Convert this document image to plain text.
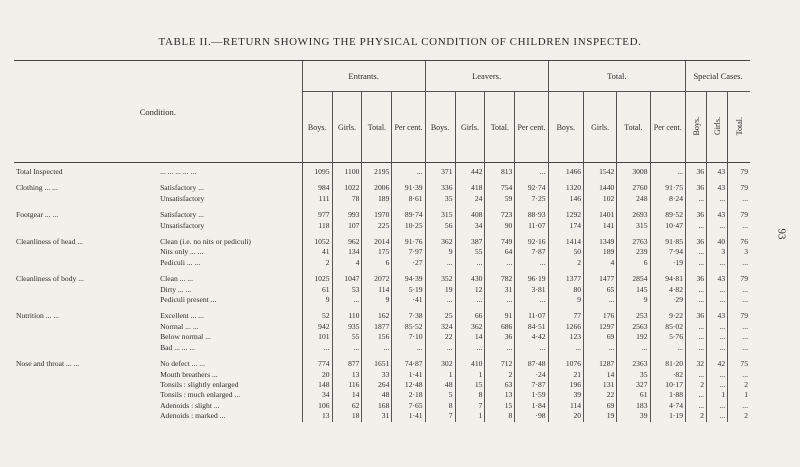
TABLE II.—RETURN SHOWING THE PHYSICAL CONDITION OF CHILDREN INSPECTED.
93
Condition.		Entrants.				Leavers.				Total.				Special Cases.		
		Boys.	Girls.	Total.	Per cent.	Boys.	Girls.	Total.	Per cent.	Boys.	Girls.	Total.	Per cent.	Boys.	Girls.	Total.

Total Inspected	... ... ... ... ...	1095	1100	2195	...	371	442	813	...	1466	1542	3008	...	36	43	79

Clothing ... ...	Satisfactory ...	984	1022	2006	91·39	336	418	754	92·74	1320	1440	2760	91·75	36	43	79
	Unsatisfactory	111	78	189	8·61	35	24	59	7·25	146	102	248	8·24	...	...	...

Footgear ... ...	Satisfactory ...	977	993	1970	89·74	315	408	723	88·93	1292	1401	2693	89·52	36	43	79
	Unsatisfactory	118	107	225	10·25	56	34	90	11·07	174	141	315	10·47	...	...	...

Cleanliness of head ...	Clean (i.e. no nits or pediculi)	1052	962	2014	91·76	362	387	749	92·16	1414	1349	2763	91·85	36	40	76
	Nits only ... ...	41	134	175	7·97	9	55	64	7·87	50	189	239	7·94	...	3	3
	Pediculi ... ...	2	4	6	·27	...	...	...	...	2	4	6	·19	...	...	...

Cleanliness of body ...	Clean ... ...	1025	1047	2072	94·39	352	430	782	96·19	1377	1477	2854	94·81	36	43	79
	Dirty ... ...	61	53	114	5·19	19	12	31	3·81	80	65	145	4·82	...	...	...
	Pediculi present ...	9	...	9	·41	...	...	...	...	9	...	9	·29	...	...	...

Nutrition ... ...	Excellent ... ...	52	110	162	7·38	25	66	91	11·07	77	176	253	9·22	36	43	79
	Normal ... ...	942	935	1877	85·52	324	362	686	84·51	1266	1297	2563	85·02	...	...	...
	Below normal ...	101	55	156	7·10	22	14	36	4·42	123	69	192	5·76	...	...	...
	Bad ... ... ...	...	...	...	...	...	...	...	...	...	...	...	...	...	...	...

Nose and throat ... ...	No defect ... ...	774	877	1651	74·87	302	410	712	87·48	1076	1287	2363	81·20	32	42	75
	Mouth breathers ...	20	13	33	1·41	1	1	2	·24	21	14	35	·82	...	...	...
	Tonsils : slightly enlarged	148	116	264	12·48	48	15	63	7·87	196	131	327	10·17	2	...	2
	Tonsils : much enlarged ...	34	14	48	2·18	5	8	13	1·59	39	22	61	1·88	...	1	1
	Adenoids : slight ...	106	62	168	7·65	8	7	15	1·84	114	69	183	4·74	...	...	...
	Adenoids : marked ...	13	18	31	1·41	7	1	8	·98	20	19	39	1·19	2	...	2
